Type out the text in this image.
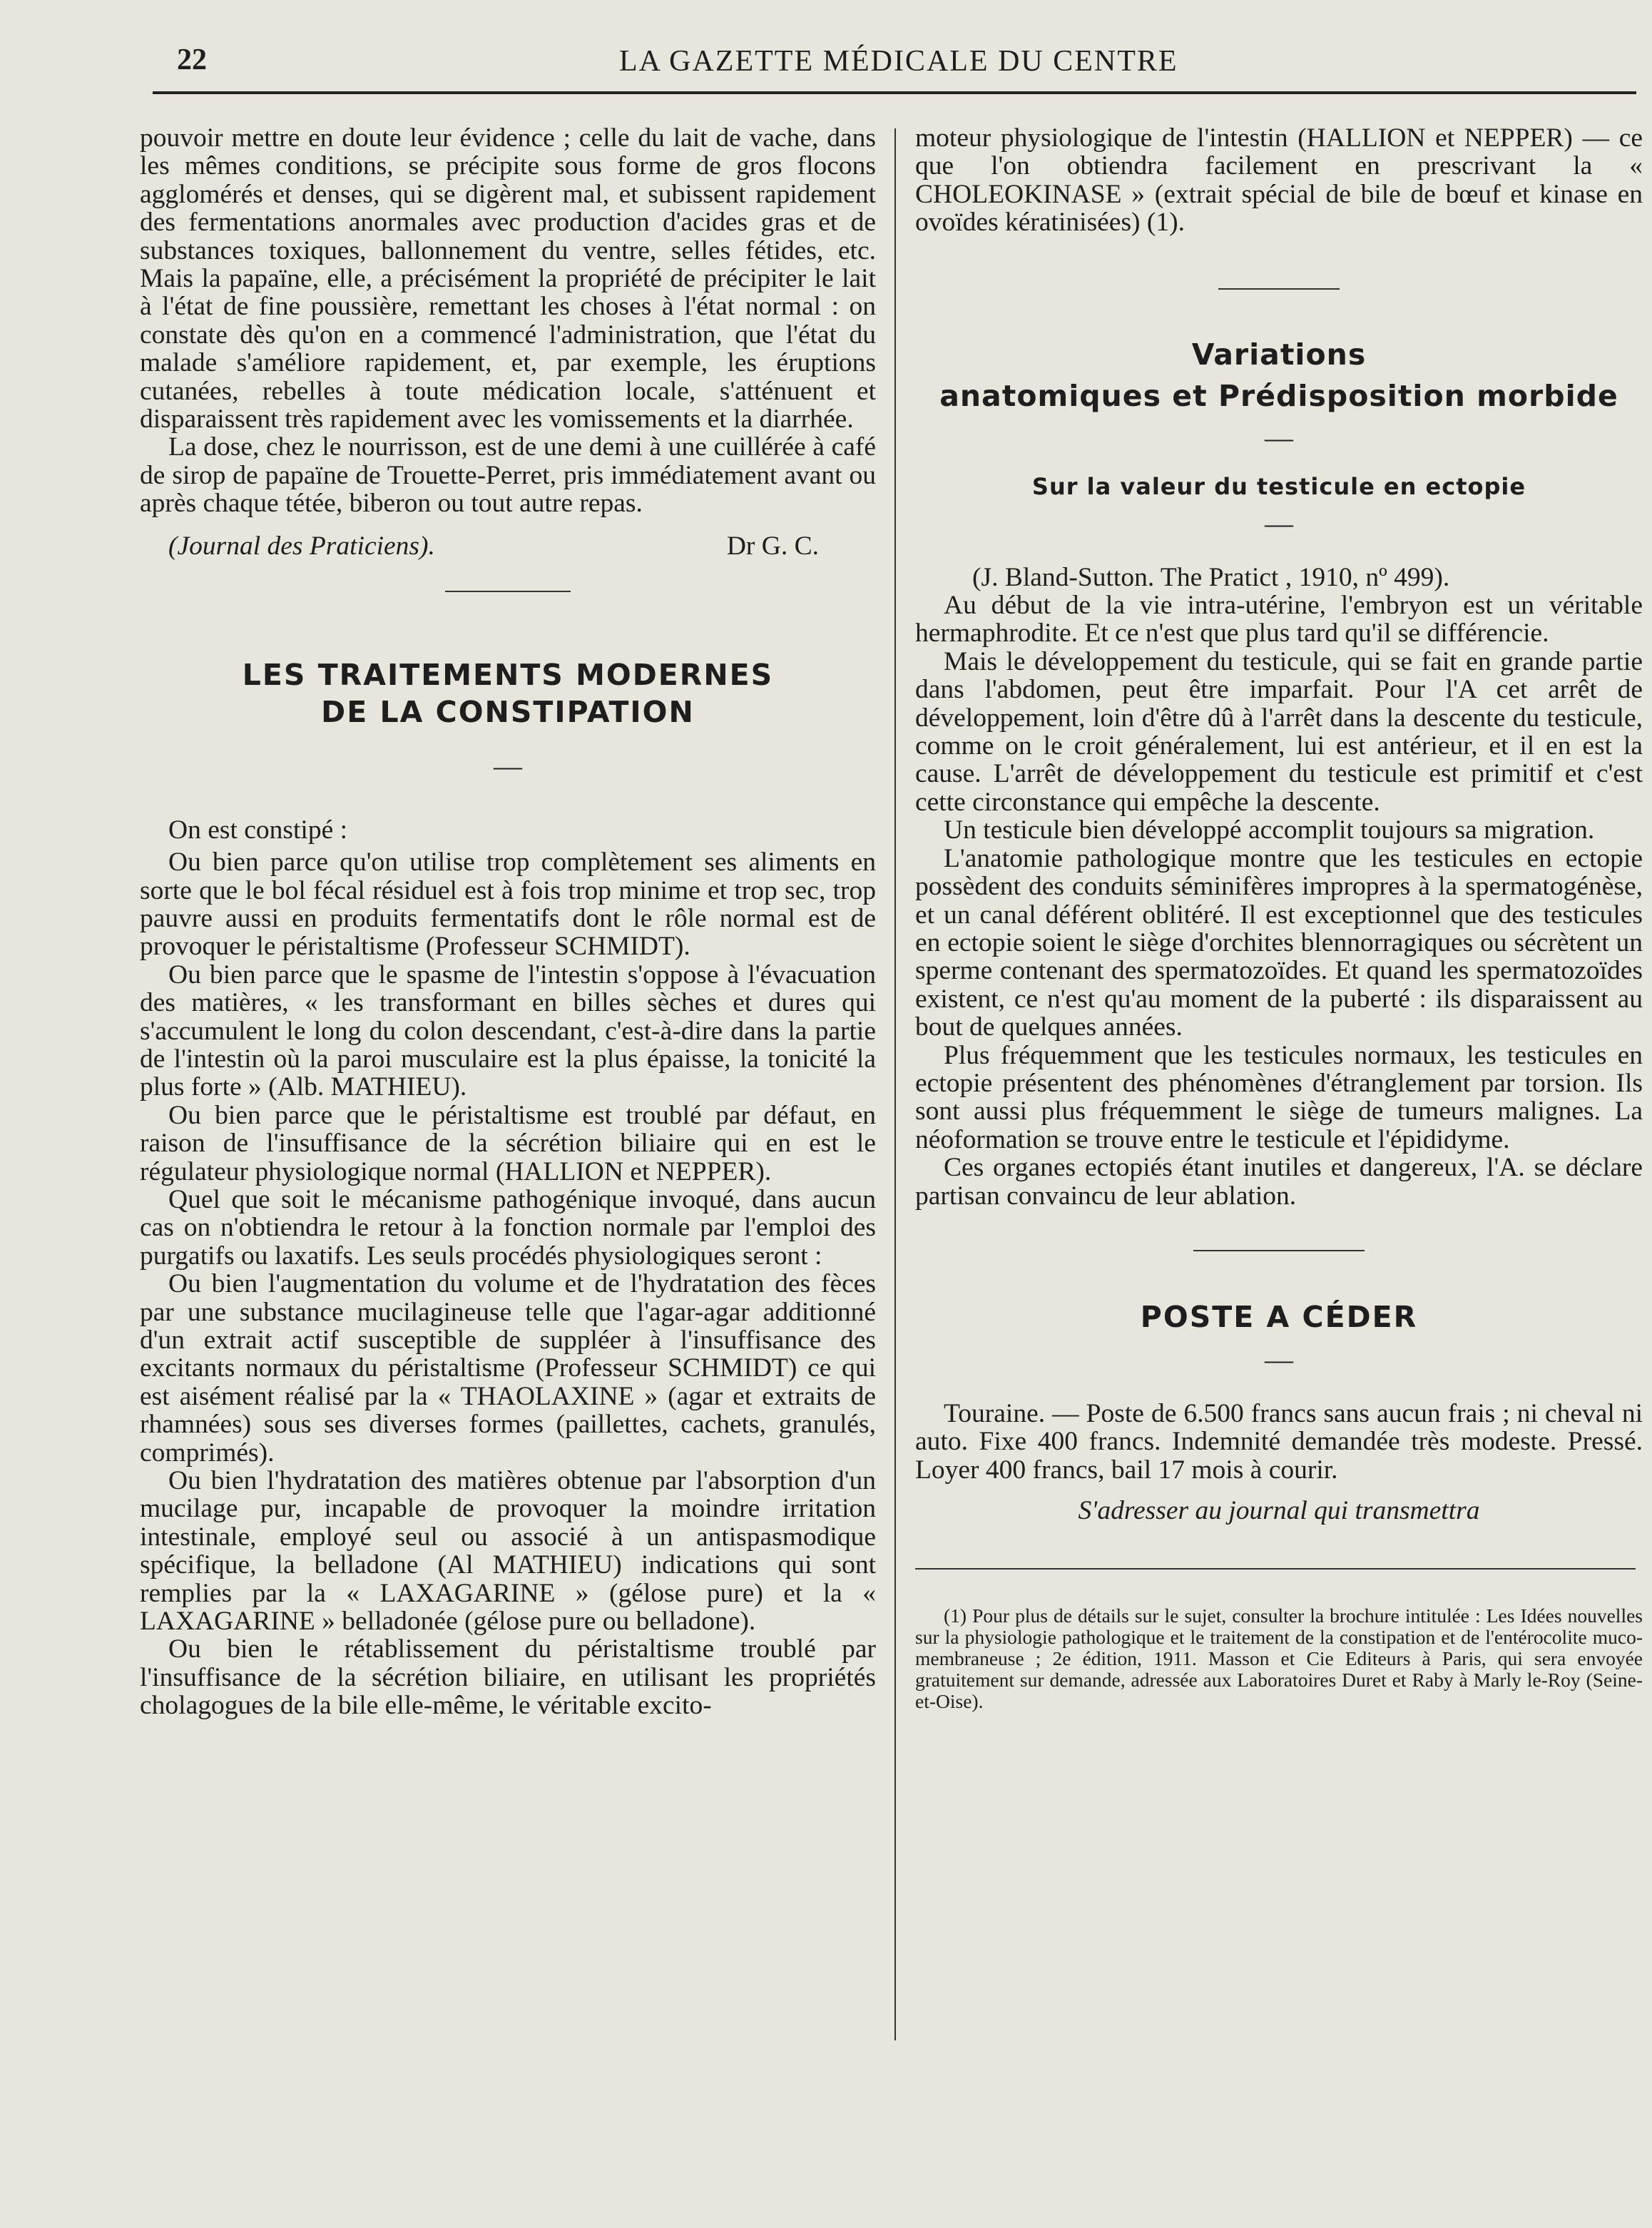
22	LA GAZETTE MÉDICALE DU CENTRE

pouvoir mettre en doute leur évidence ; celle du lait de vache, dans les mêmes conditions, se précipite sous forme de gros flocons agglomérés et denses, qui se digèrent mal, et subissent rapidement des fermentations anormales avec production d'acides gras et de substances toxiques, ballonnement du ventre, selles fétides, etc. Mais la papaïne, elle, a précisément la propriété de précipiter le lait à l'état de fine poussière, remettant les choses à l'état normal : on constate dès qu'on en a commencé l'administration, que l'état du malade s'améliore rapidement, et, par exemple, les éruptions cutanées, rebelles à toute médication locale, s'atténuent et disparaissent très rapidement avec les vomissements et la diarrhée.

La dose, chez le nourrisson, est de une demi à une cuillérée à café de sirop de papaïne de Trouette-Perret, pris immédiatement avant ou après chaque tétée, biberon ou tout autre repas.

(Journal des Praticiens).	Dr G. C.
LES TRAITEMENTS MODERNES
DE LA CONSTIPATION
—

On est constipé :

Ou bien parce qu'on utilise trop complètement ses aliments en sorte que le bol fécal résiduel est à fois trop minime et trop sec, trop pauvre aussi en produits fermentatifs dont le rôle normal est de provoquer le péristaltisme (Professeur SCHMIDT).

Ou bien parce que le spasme de l'intestin s'oppose à l'évacuation des matières, « les transformant en billes sèches et dures qui s'accumulent le long du colon descendant, c'est-à-dire dans la partie de l'intestin où la paroi musculaire est la plus épaisse, la tonicité la plus forte » (Alb. MATHIEU).

Ou bien parce que le péristaltisme est troublé par défaut, en raison de l'insuffisance de la sécrétion biliaire qui en est le régulateur physiologique normal (HALLION et NEPPER).

Quel que soit le mécanisme pathogénique invoqué, dans aucun cas on n'obtiendra le retour à la fonction normale par l'emploi des purgatifs ou laxatifs. Les seuls procédés physiologiques seront :

Ou bien l'augmentation du volume et de l'hydratation des fèces par une substance mucilagineuse telle que l'agar-agar additionné d'un extrait actif susceptible de suppléer à l'insuffisance des excitants normaux du péristaltisme (Professeur SCHMIDT) ce qui est aisément réalisé par la « THAOLAXINE » (agar et extraits de rhamnées) sous ses diverses formes (paillettes, cachets, granulés, comprimés).

Ou bien l'hydratation des matières obtenue par l'absorption d'un mucilage pur, incapable de provoquer la moindre irritation intestinale, employé seul ou associé à un antispasmodique spécifique, la belladone (Al MATHIEU) indications qui sont remplies par la « LAXAGARINE » (gélose pure) et la « LAXAGARINE » belladonée (gélose pure ou belladone).

Ou bien le rétablissement du péristaltisme troublé par l'insuffisance de la sécrétion biliaire, en utilisant les propriétés cholagogues de la bile elle-même, le véritable excito-

moteur physiologique de l'intestin (HALLION et NEPPER) — ce que l'on obtiendra facilement en prescrivant la « CHOLEOKINASE » (extrait spécial de bile de bœuf et kinase en ovoïdes kératinisées) (1).

Variations
anatomiques et Prédisposition morbide
—
Sur la valeur du testicule en ectopie
—

(J. Bland-Sutton. The Pratict , 1910, nº 499).

Au début de la vie intra-utérine, l'embryon est un véritable hermaphrodite. Et ce n'est que plus tard qu'il se différencie.

Mais le développement du testicule, qui se fait en grande partie dans l'abdomen, peut être imparfait. Pour l'A cet arrêt de développement, loin d'être dû à l'arrêt dans la descente du testicule, comme on le croit généralement, lui est antérieur, et il en est la cause. L'arrêt de développement du testicule est primitif et c'est cette circonstance qui empêche la descente.

Un testicule bien développé accomplit toujours sa migration.

L'anatomie pathologique montre que les testicules en ectopie possèdent des conduits séminifères impropres à la spermatogénèse, et un canal déférent oblitéré. Il est exceptionnel que des testicules en ectopie soient le siège d'orchites blennorragiques ou sécrètent un sperme contenant des spermatozoïdes. Et quand les spermatozoïdes existent, ce n'est qu'au moment de la puberté : ils disparaissent au bout de quelques années.

Plus fréquemment que les testicules normaux, les testicules en ectopie présentent des phénomènes d'étranglement par torsion. Ils sont aussi plus fréquemment le siège de tumeurs malignes. La néoformation se trouve entre le testicule et l'épididyme.

Ces organes ectopiés étant inutiles et dangereux, l'A. se déclare partisan convaincu de leur ablation.

POSTE A CÉDER
—

Touraine. — Poste de 6.500 francs sans aucun frais ; ni cheval ni auto. Fixe 400 francs. Indemnité demandée très modeste. Pressé. Loyer 400 francs, bail 17 mois à courir.

S'adresser au journal qui transmettra

(1) Pour plus de détails sur le sujet, consulter la brochure intitulée : Les Idées nouvelles sur la physiologie pathologique et le traitement de la constipation et de l'entérocolite muco-membraneuse ; 2e édition, 1911. Masson et Cie Editeurs à Paris, qui sera envoyée gratuitement sur demande, adressée aux Laboratoires Duret et Raby à Marly le-Roy (Seine-et-Oise).
